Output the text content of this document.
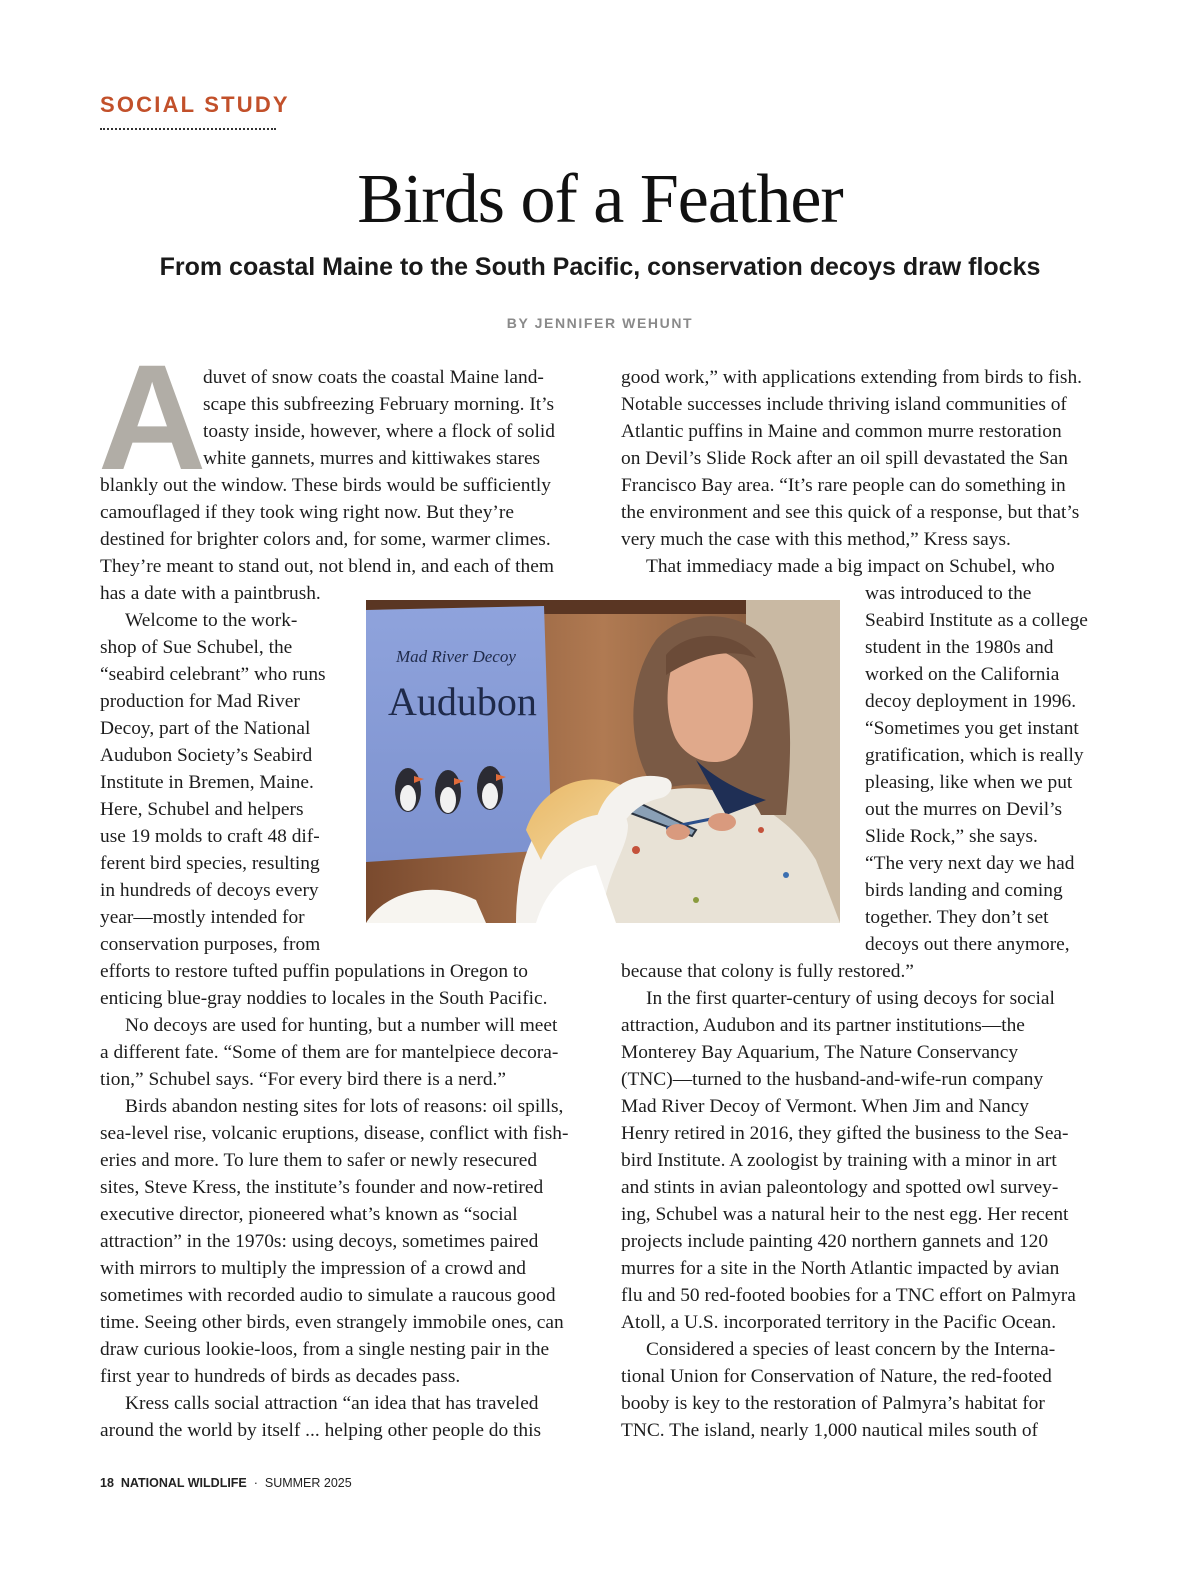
SOCIAL STUDY
Birds of a Feather
From coastal Maine to the South Pacific, conservation decoys draw flocks
BY JENNIFER WEHUNT
A
duvet of snow coats the coastal Maine land-
scape this subfreezing February morning. It’s
toasty inside, however, where a flock of solid
white gannets, murres and kittiwakes stares
blankly out the window. These birds would be sufficiently
camouflaged if they took wing right now. But they’re
destined for brighter colors and, for some, warmer climes.
They’re meant to stand out, not blend in, and each of them
has a date with a paintbrush.
Welcome to the work-
shop of Sue Schubel, the
“seabird celebrant” who runs
production for Mad River
Decoy, part of the National
Audubon Society’s Seabird
Institute in Bremen, Maine.
Here, Schubel and helpers
use 19 molds to craft 48 dif-
ferent bird species, resulting
in hundreds of decoys every
year—mostly intended for
conservation purposes, from
efforts to restore tufted puffin populations in Oregon to
enticing blue-gray noddies to locales in the South Pacific.
No decoys are used for hunting, but a number will meet
a different fate. “Some of them are for mantelpiece decora-
tion,” Schubel says. “For every bird there is a nerd.”
Birds abandon nesting sites for lots of reasons: oil spills,
sea-level rise, volcanic eruptions, disease, conflict with fish-
eries and more. To lure them to safer or newly resecured
sites, Steve Kress, the institute’s founder and now-retired
executive director, pioneered what’s known as “social
attraction” in the 1970s: using decoys, sometimes paired
with mirrors to multiply the impression of a crowd and
sometimes with recorded audio to simulate a raucous good
time. Seeing other birds, even strangely immobile ones, can
draw curious lookie-loos, from a single nesting pair in the
first year to hundreds of birds as decades pass.
Kress calls social attraction “an idea that has traveled
around the world by itself ... helping other people do this
good work,” with applications extending from birds to fish.
Notable successes include thriving island communities of
Atlantic puffins in Maine and common murre restoration
on Devil’s Slide Rock after an oil spill devastated the San
Francisco Bay area. “It’s rare people can do something in
the environment and see this quick of a response, but that’s
very much the case with this method,” Kress says.
That immediacy made a big impact on Schubel, who
was introduced to the
Seabird Institute as a college
student in the 1980s and
worked on the California
decoy deployment in 1996.
“Sometimes you get instant
gratification, which is really
pleasing, like when we put
out the murres on Devil’s
Slide Rock,” she says.
“The very next day we had
birds landing and coming
together. They don’t set
decoys out there anymore,
because that colony is fully restored.”
In the first quarter-century of using decoys for social
attraction, Audubon and its partner institutions—the
Monterey Bay Aquarium, The Nature Conservancy
(TNC)—turned to the husband-and-wife-run company
Mad River Decoy of Vermont. When Jim and Nancy
Henry retired in 2016, they gifted the business to the Sea-
bird Institute. A zoologist by training with a minor in art
and stints in avian paleontology and spotted owl survey-
ing, Schubel was a natural heir to the nest egg. Her recent
projects include painting 420 northern gannets and 120
murres for a site in the North Atlantic impacted by avian
flu and 50 red-footed boobies for a TNC effort on Palmyra
Atoll, a U.S. incorporated territory in the Pacific Ocean.
Considered a species of least concern by the Interna-
tional Union for Conservation of Nature, the red-footed
booby is key to the restoration of Palmyra’s habitat for
TNC. The island, nearly 1,000 nautical miles south of
Mad River Decoy
Audubon
18 NATIONAL WILDLIFE · SUMMER 2025
